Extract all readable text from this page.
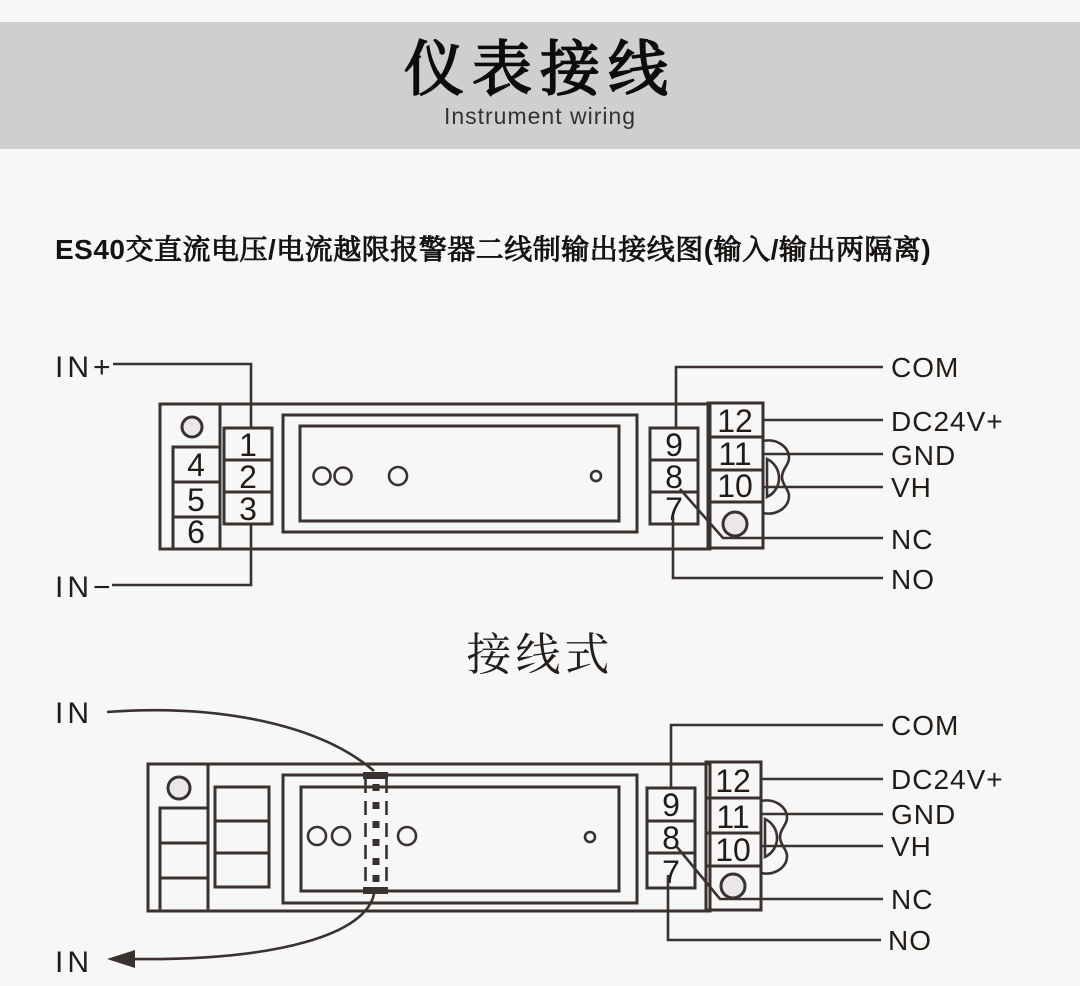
仪表接线
Instrument wiring
ES40交直流电压/电流越限报警器二线制输出接线图(输入/输出两隔离)
接线式
4
5
6
1
2
3
9
8
7
12
11
10
IN+
IN−
COM
DC24V+
GND
VH
NC
NO
9
8
7
12
11
10
IN
IN
COM
DC24V+
GND
VH
NC
NO
